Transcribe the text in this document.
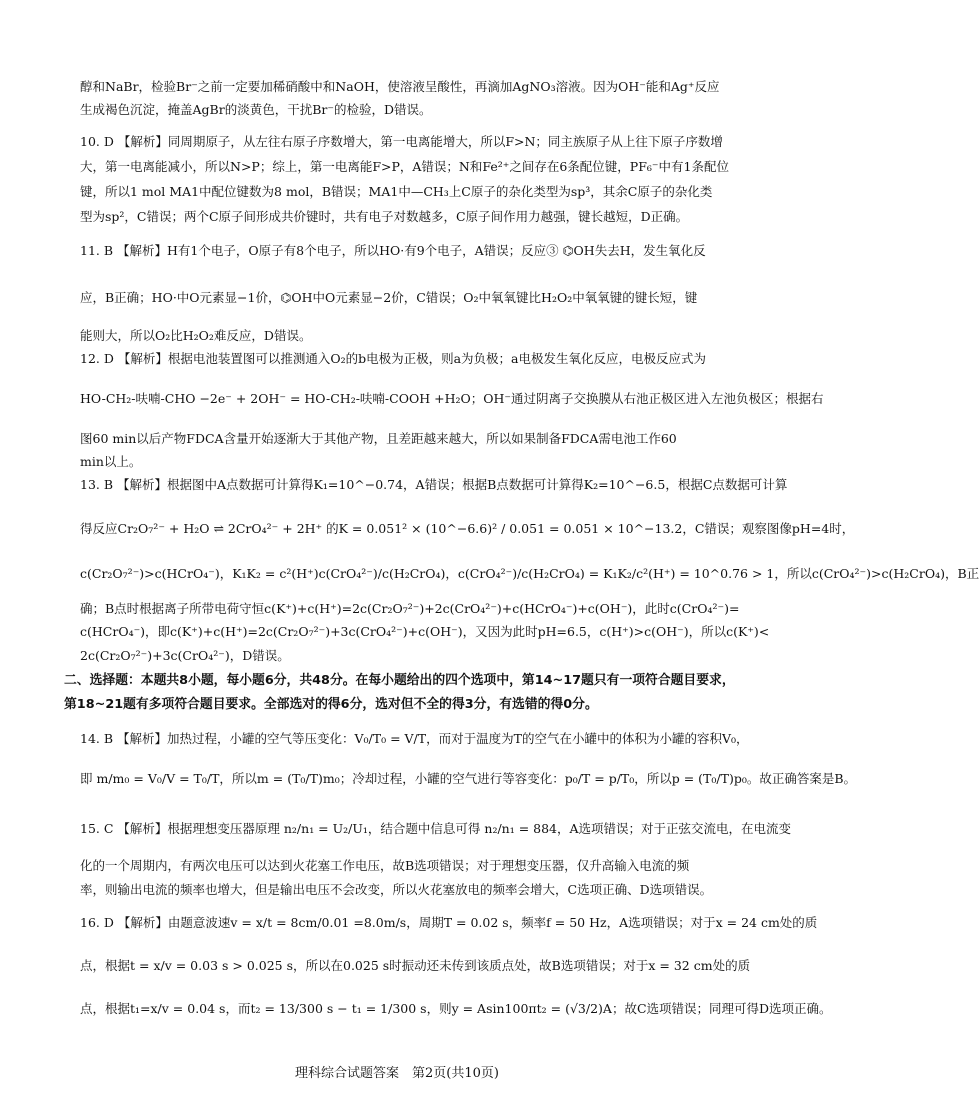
醇和NaBr，检验Br⁻之前一定要加稀硝酸中和NaOH，使溶液呈酸性，再滴加AgNO₃溶液。因为OH⁻能和Ag⁺反应
生成褐色沉淀，掩盖AgBr的淡黄色，干扰Br⁻的检验，D错误。
10. D 【解析】同周期原子，从左往右原子序数增大，第一电离能增大，所以F>N；同主族原子从上往下原子序数增
大，第一电离能减小，所以N>P；综上，第一电离能F>P，A错误；N和Fe²⁺之间存在6条配位键，PF₆⁻中有1条配位
键，所以1 mol MA1中配位键数为8 mol，B错误；MA1中—CH₃上C原子的杂化类型为sp³，其余C原子的杂化类
型为sp²，C错误；两个C原子间形成共价键时，共有电子对数越多，C原子间作用力越强，键长越短，D正确。
11. B 【解析】H有1个电子，O原子有8个电子，所以HO·有9个电子，A错误；反应③ ⌬OH失去H，发生氧化反
应，B正确；HO·中O元素显−1价，⌬OH中O元素显−2价，C错误；O₂中氧氧键比H₂O₂中氧氧键的键长短，键
能则大，所以O₂比H₂O₂难反应，D错误。
12. D 【解析】根据电池装置图可以推测通入O₂的b电极为正极，则a为负极；a电极发生氧化反应，电极反应式为
HO-CH₂-呋喃-CHO −2e⁻ + 2OH⁻ = HO-CH₂-呋喃-COOH +H₂O；OH⁻通过阴离子交换膜从右池正极区进入左池负极区；根据右
图60 min以后产物FDCA含量开始逐渐大于其他产物，且差距越来越大，所以如果制备FDCA需电池工作60
min以上。
13. B 【解析】根据图中A点数据可计算得K₁=10^−0.74，A错误；根据B点数据可计算得K₂=10^−6.5，根据C点数据可计算
得反应Cr₂O₇²⁻ + H₂O ⇌ 2CrO₄²⁻ + 2H⁺ 的K = 0.051² × (10^−6.6)² / 0.051 = 0.051 × 10^−13.2，C错误；观察图像pH=4时，
c(Cr₂O₇²⁻)>c(HCrO₄⁻)，K₁K₂ = c²(H⁺)c(CrO₄²⁻)/c(H₂CrO₄)，c(CrO₄²⁻)/c(H₂CrO₄) = K₁K₂/c²(H⁺) = 10^0.76 > 1，所以c(CrO₄²⁻)>c(H₂CrO₄)，B正
确；B点时根据离子所带电荷守恒c(K⁺)+c(H⁺)=2c(Cr₂O₇²⁻)+2c(CrO₄²⁻)+c(HCrO₄⁻)+c(OH⁻)，此时c(CrO₄²⁻)=
c(HCrO₄⁻)，即c(K⁺)+c(H⁺)=2c(Cr₂O₇²⁻)+3c(CrO₄²⁻)+c(OH⁻)，又因为此时pH=6.5，c(H⁺)>c(OH⁻)，所以c(K⁺)<
2c(Cr₂O₇²⁻)+3c(CrO₄²⁻)，D错误。
二、选择题：本题共8小题，每小题6分，共48分。在每小题给出的四个选项中，第14~17题只有一项符合题目要求，
第18~21题有多项符合题目要求。全部选对的得6分，选对但不全的得3分，有选错的得0分。
14. B 【解析】加热过程，小罐的空气等压变化：V₀/T₀ = V/T，而对于温度为T的空气在小罐中的体积为小罐的容积V₀，
即 m/m₀ = V₀/V = T₀/T，所以m = (T₀/T)m₀；冷却过程，小罐的空气进行等容变化：p₀/T = p/T₀，所以p = (T₀/T)p₀。故正确答案是B。
15. C 【解析】根据理想变压器原理 n₂/n₁ = U₂/U₁，结合题中信息可得 n₂/n₁ = 884，A选项错误；对于正弦交流电，在电流变
化的一个周期内，有两次电压可以达到火花塞工作电压，故B选项错误；对于理想变压器，仅升高输入电流的频
率，则输出电流的频率也增大，但是输出电压不会改变，所以火花塞放电的频率会增大，C选项正确、D选项错误。
16. D 【解析】由题意波速v = x/t = 8cm/0.01 =8.0m/s，周期T = 0.02 s，频率f = 50 Hz，A选项错误；对于x = 24 cm处的质
点，根据t = x/v = 0.03 s > 0.025 s，所以在0.025 s时振动还未传到该质点处，故B选项错误；对于x = 32 cm处的质
点，根据t₁=x/v = 0.04 s，而t₂ = 13/300 s − t₁ = 1/300 s，则y = Asin100πt₂ = (√3/2)A；故C选项错误；同理可得D选项正确。
理科综合试题答案　第2页(共10页)
